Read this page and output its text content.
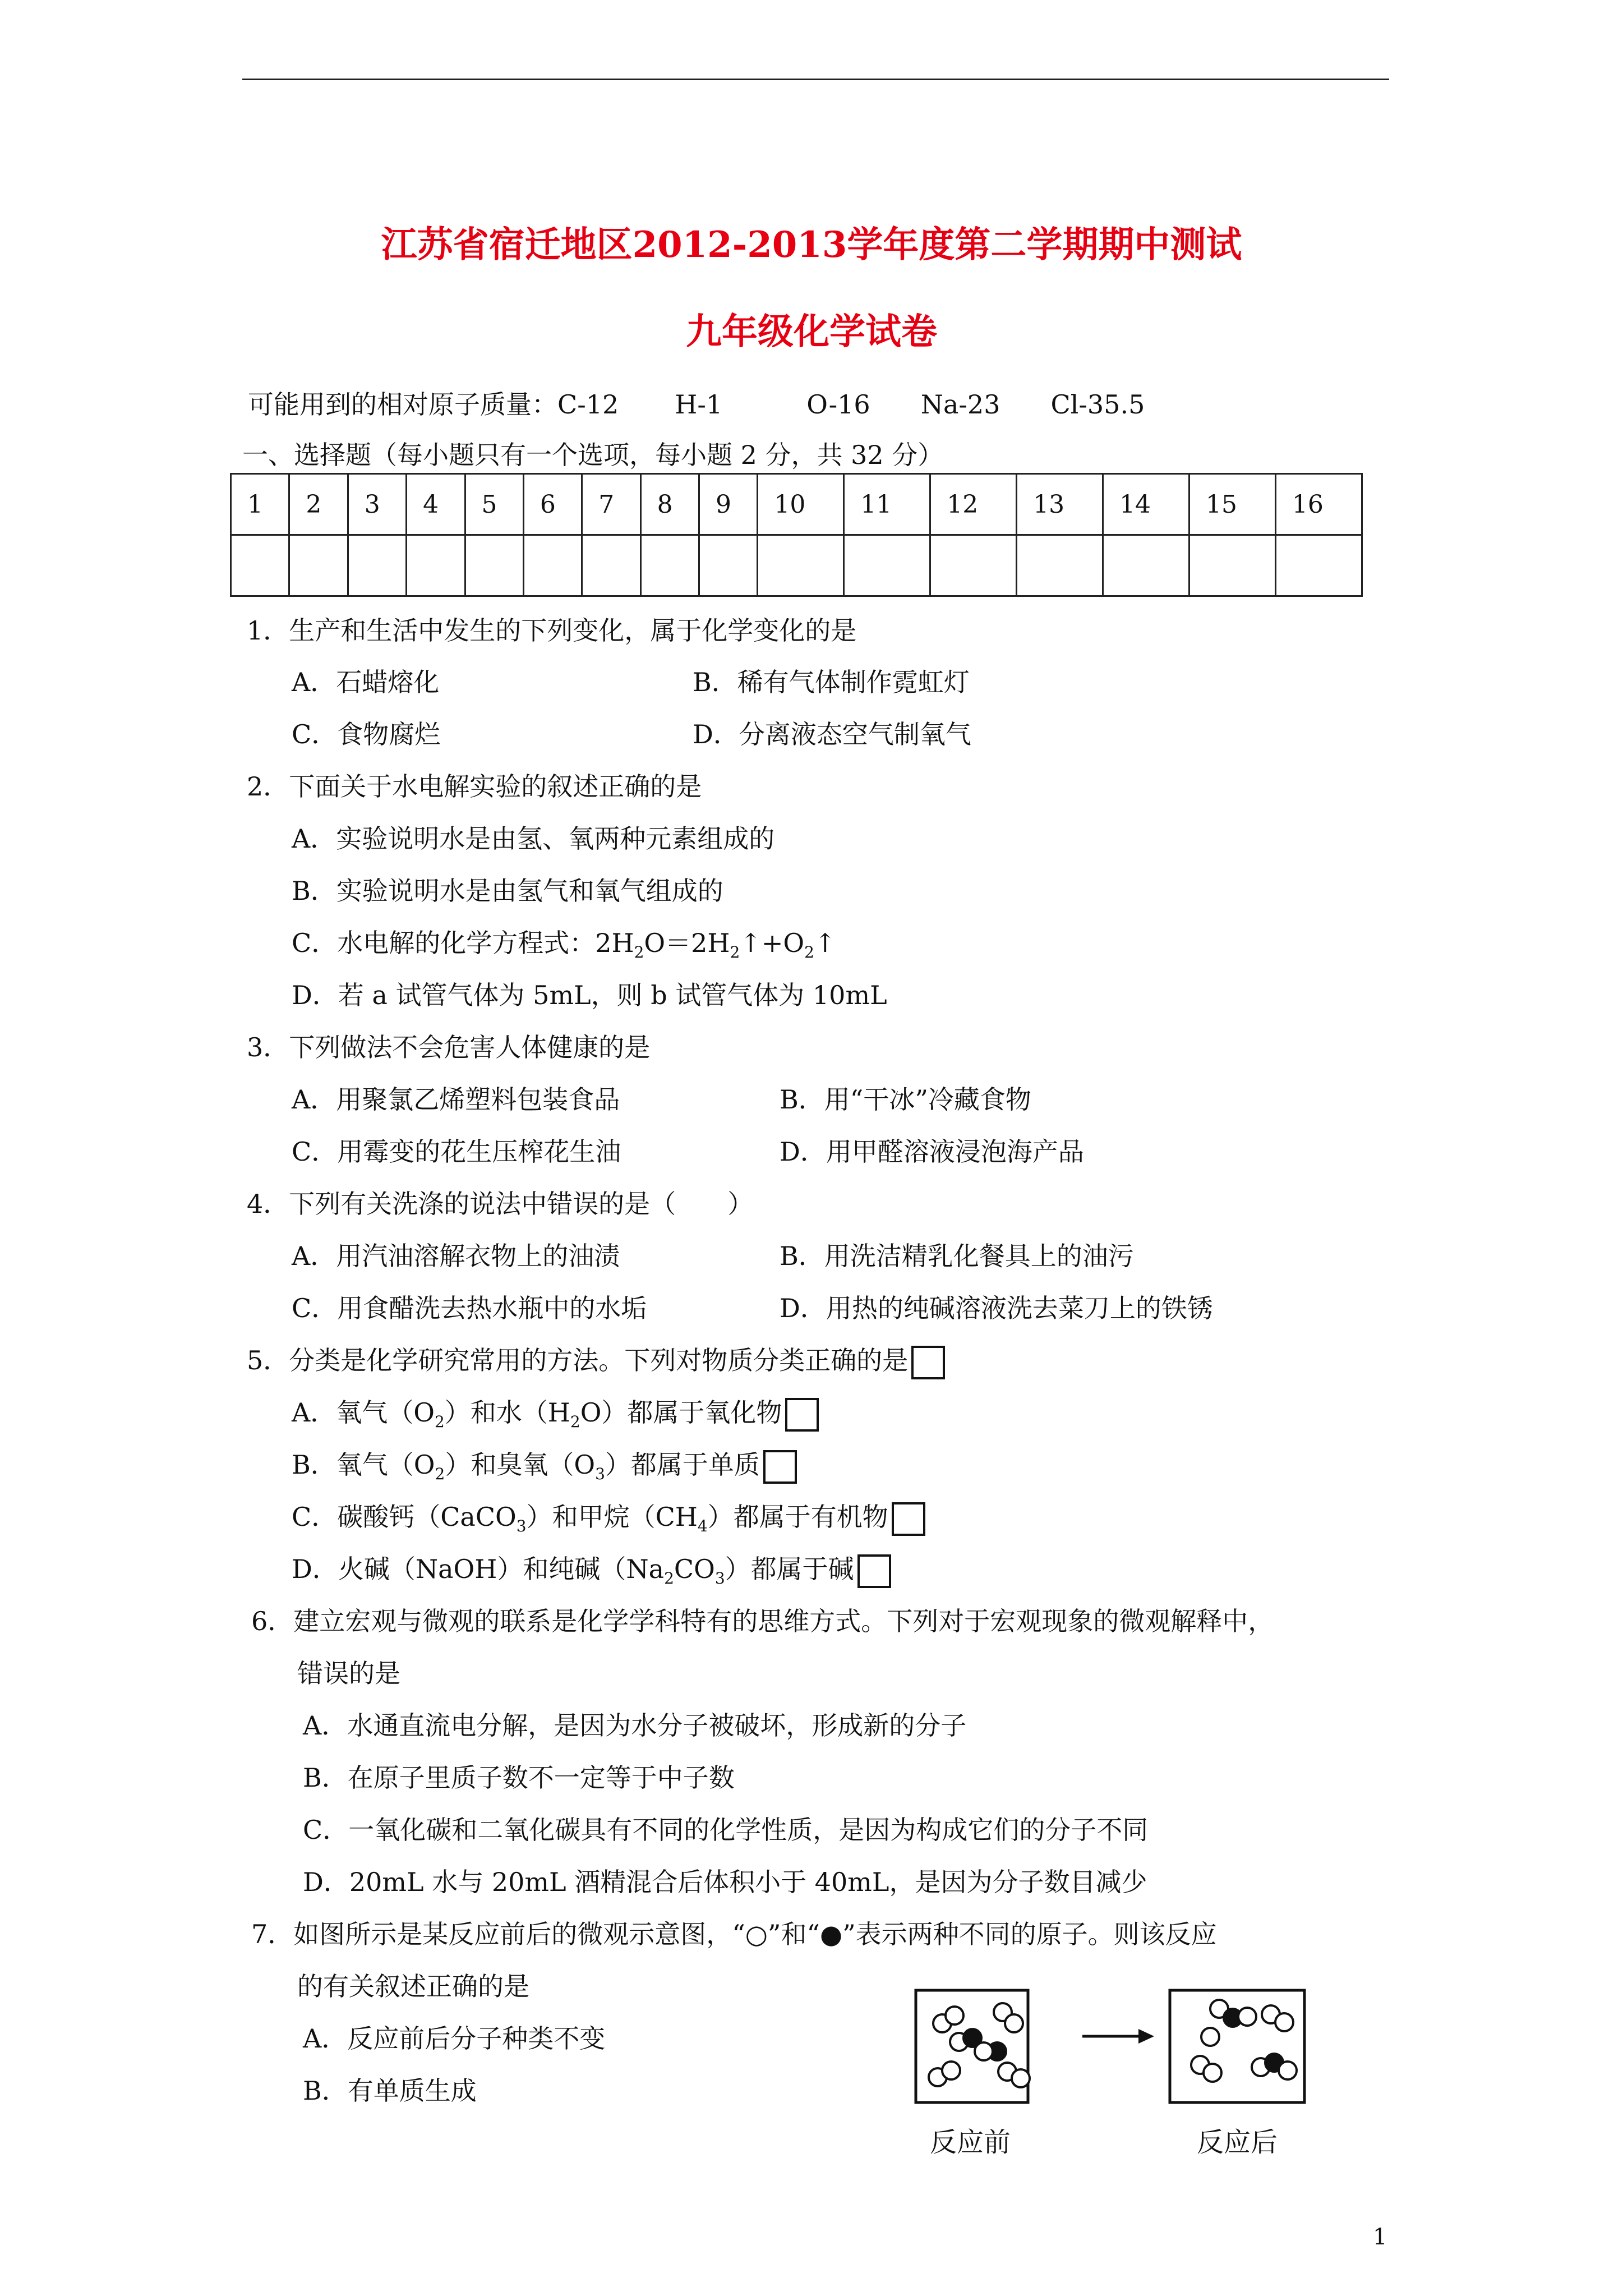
江苏省宿迁地区2012-2013学年度第二学期期中测试
九年级化学试卷
可能用到的相对原子质量：C-12 H-1	O-16 Na-23 Cl-35.5
一、选择题（每小题只有一个选项，每小题 2 分，共 32 分）
1	2	3	4	5	6	7	8	9	10	11	12	13	14	15	16

1．生产和生活中发生的下列变化，属于化学变化的是
A．石蜡熔化	B．稀有气体制作霓虹灯
C．食物腐烂	D．分离液态空气制氧气
2．下面关于水电解实验的叙述正确的是
A．实验说明水是由氢、氧两种元素组成的
B．实验说明水是由氢气和氧气组成的
C．水电解的化学方程式：$2H_2O=2H_2↑+O_2↑$
D．若 a 试管气体为 5mL，则 b 试管气体为 10mL
3．下列做法不会危害人体健康的是
A．用聚氯乙烯塑料包装食品	B．用“干冰”冷藏食物
C．用霉变的花生压榨花生油	D．用甲醛溶液浸泡海产品
4．下列有关洗涤的说法中错误的是（　　）
A．用汽油溶解衣物上的油渍	B．用洗洁精乳化餐具上的油污
C．用食醋洗去热水瓶中的水垢	D．用热的纯碱溶液洗去菜刀上的铁锈
5．分类是化学研究常用的方法。下列对物质分类正确的是
A．氧气$(O_2)$和水$(H_2O)$都属于氧化物
B．氧气$(O_2)$和臭氧$(O_3)$都属于单质
C．碳酸钙（CaCO$_3$）和甲烷$(CH_4)$都属于有机物
D．火碱（NaOH）和纯碱$(Na_2CO_3)$都属于碱
6．建立宏观与微观的联系是化学学科特有的思维方式。下列对于宏观现象的微观解释中，
错误的是
A．水通直流电分解，是因为水分子被破坏，形成新的分子
B．在原子里质子数不一定等于中子数
C．一氧化碳和二氧化碳具有不同的化学性质，是因为构成它们的分子不同
D．20mL 水与 20mL 酒精混合后体积小于 40mL，是因为分子数目减少
7．如图所示是某反应前后的微观示意图，“○”和“●”表示两种不同的原子。则该反应
的有关叙述正确的是
A．反应前后分子种类不变
B．有单质生成
反应前	反应后
1
